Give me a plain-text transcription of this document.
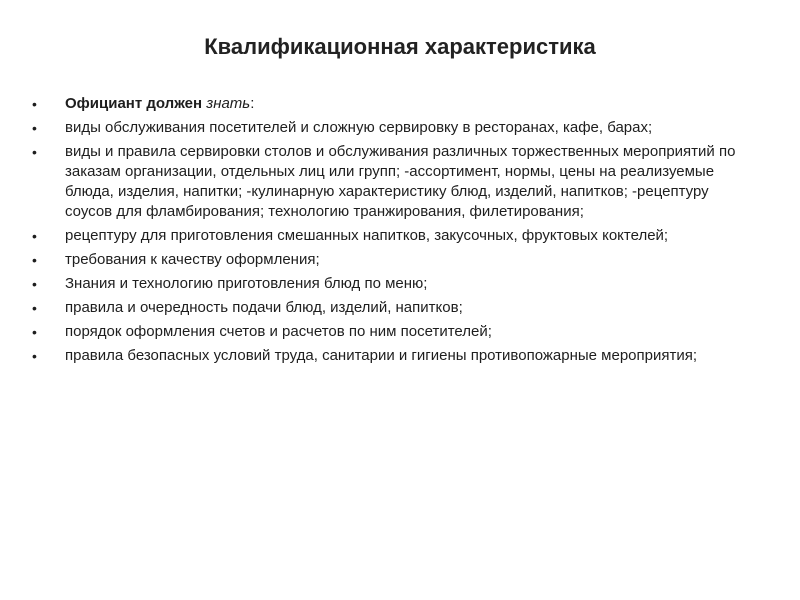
Квалификационная характеристика
• Официант должен знать:
• виды обслуживания посетителей и сложную сервировку в ресторанах, кафе, барах;
• виды и правила сервировки столов и обслуживания различных торжественных мероприятий по заказам организации, отдельных лиц или групп; -ассортимент, нормы, цены на реализуемые блюда, изделия, напитки; -кулинарную характеристику блюд, изделий, напитков; -рецептуру соусов для фламбирования; технологию транжирования, филетирования;
• рецептуру для приготовления смешанных напитков, закусочных, фруктовых коктелей;
• требования к качеству оформления;
• Знания и технологию приготовления блюд по меню;
• правила и очередность подачи блюд, изделий, напитков;
• порядок оформления счетов и расчетов по ним посетителей;
• правила безопасных условий труда, санитарии и гигиены противопожарные мероприятия;
